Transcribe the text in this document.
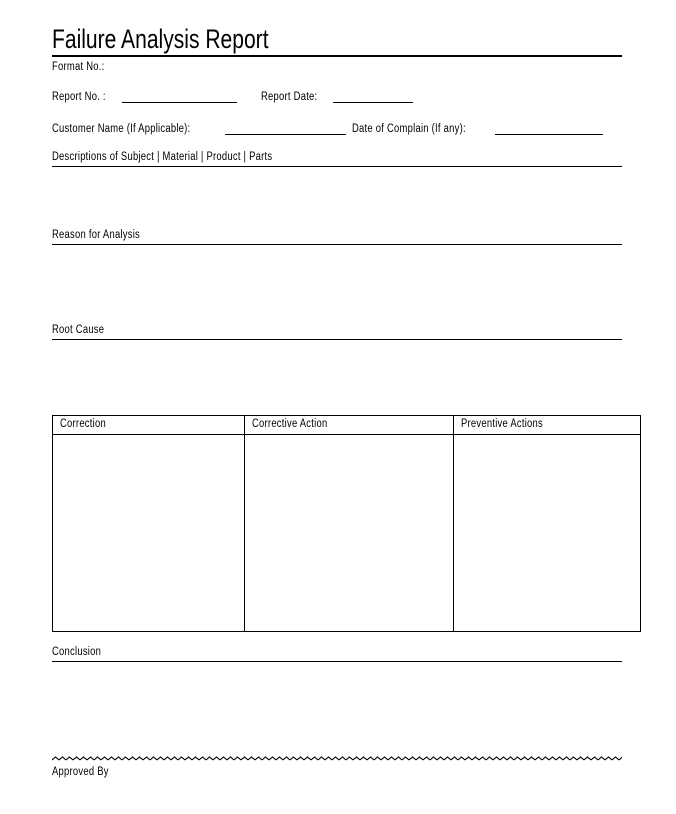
Failure Analysis Report
Format No.:
Report No. :	Report Date:
Customer Name (If Applicable):	Date of Complain (If any):
Descriptions of Subject | Material | Product | Parts
Reason for Analysis
Root Cause
Correction	Corrective Action	Preventive Actions

Conclusion
Approved By
